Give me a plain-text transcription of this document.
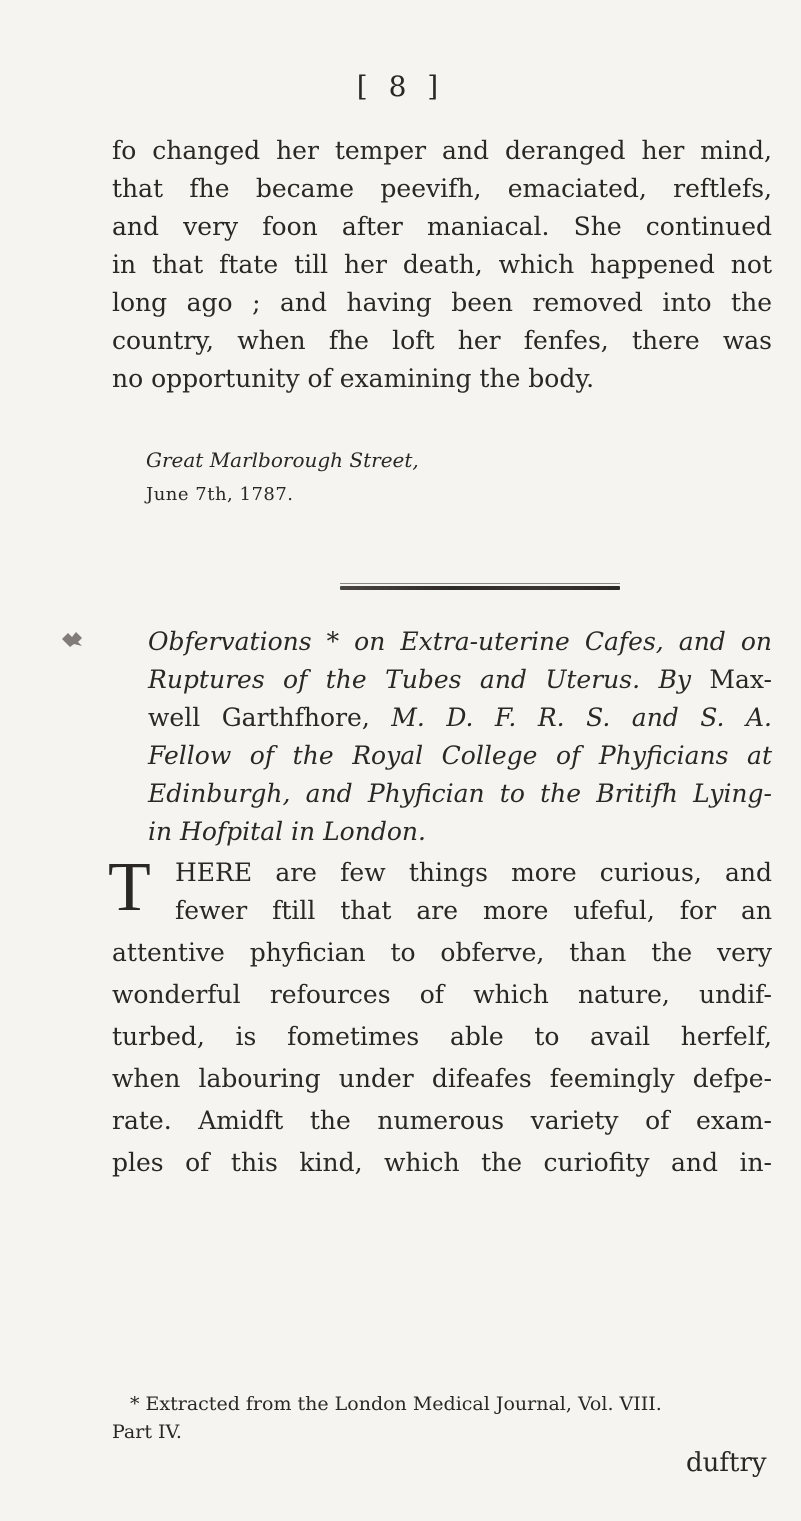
[ 8 ]
fo changed her temper and deranged her mind,
that fhe became peevifh, emaciated, reftlefs,
and very foon after maniacal. She continued
in that ftate till her death, which happened not
long ago ; and having been removed into the
country, when fhe loft her fenfes, there was
no opportunity of examining the body.
Great Marlborough Street,
June 7th, 1787.
Obfervations * on Extra-uterine Cafes, and on
Ruptures of the Tubes and Uterus. By Max-
well Garthfhore, M. D. F. R. S. and S. A.
Fellow of the Royal College of Phyficians at
Edinburgh, and Phyfician to the Britifh Lying-
in Hofpital in London.
T HERE are few things more curious, and
fewer ftill that are more ufeful, for an
attentive phyfician to obferve, than the very
wonderful refources of which nature, undif-
turbed, is fometimes able to avail herfelf,
when labouring under difeafes feemingly defpe-
rate. Amidft the numerous variety of exam-
ples of this kind, which the curiofity and in-
* Extracted from the London Medical Journal, Vol. VIII.
Part IV.
duftry
